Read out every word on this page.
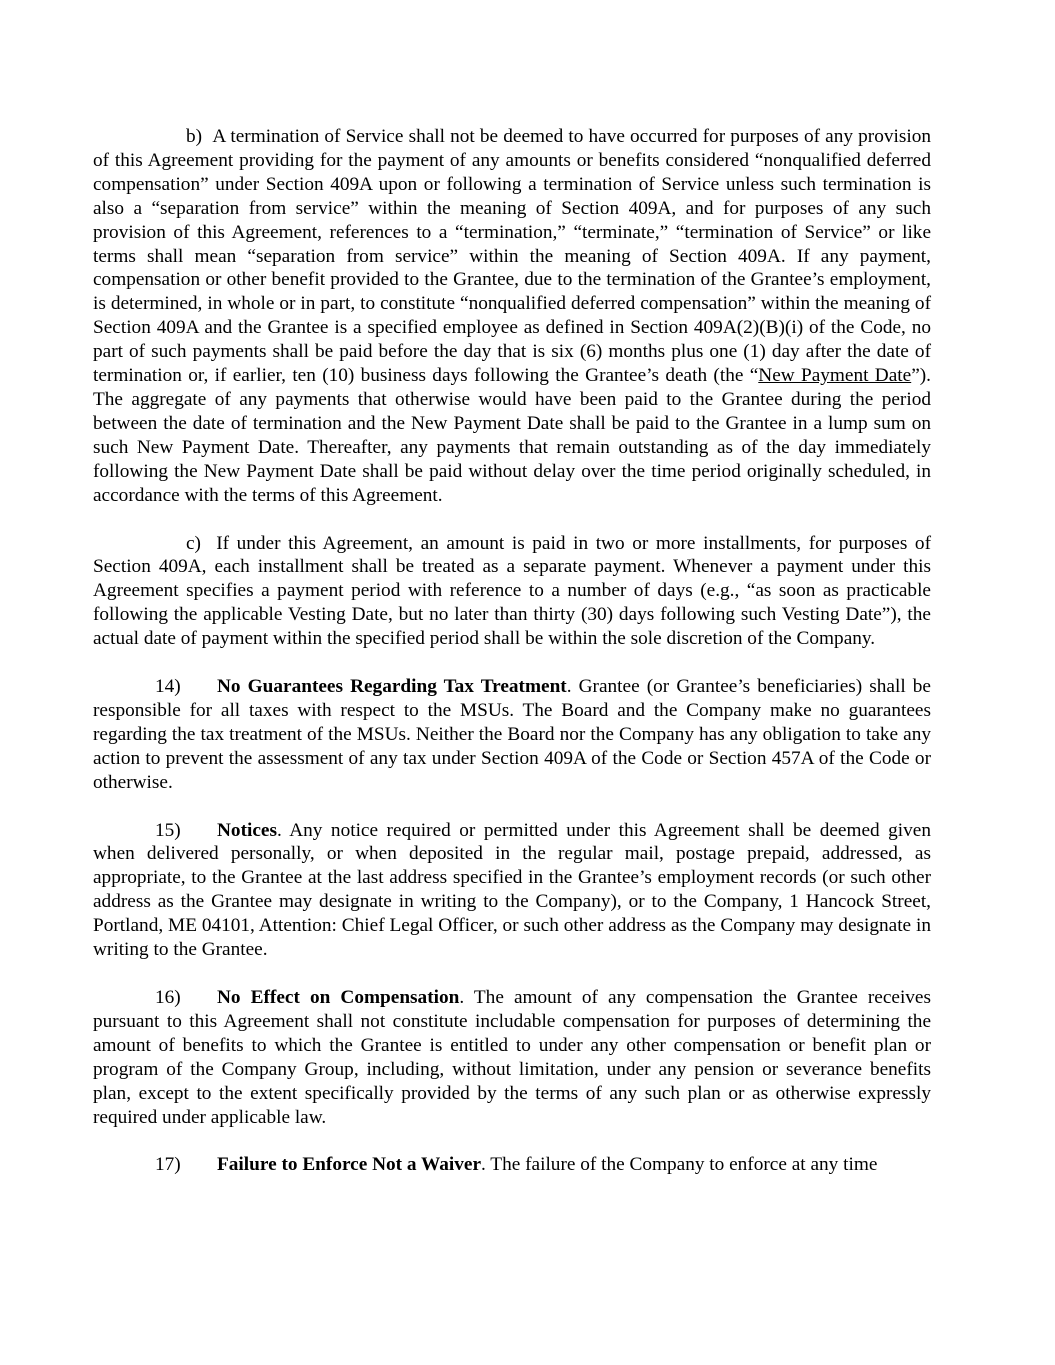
b) A termination of Service shall not be deemed to have occurred for purposes of any provision of this Agreement providing for the payment of any amounts or benefits considered “nonqualified deferred compensation” under Section 409A upon or following a termination of Service unless such termination is also a “separation from service” within the meaning of Section 409A, and for purposes of any such provision of this Agreement, references to a “termination,” “terminate,” “termination of Service” or like terms shall mean “separation from service” within the meaning of Section 409A. If any payment, compensation or other benefit provided to the Grantee, due to the termination of the Grantee’s employment, is determined, in whole or in part, to constitute “nonqualified deferred compensation” within the meaning of Section 409A and the Grantee is a specified employee as defined in Section 409A(2)(B)(i) of the Code, no part of such payments shall be paid before the day that is six (6) months plus one (1) day after the date of termination or, if earlier, ten (10) business days following the Grantee’s death (the “New Payment Date”). The aggregate of any payments that otherwise would have been paid to the Grantee during the period between the date of termination and the New Payment Date shall be paid to the Grantee in a lump sum on such New Payment Date. Thereafter, any payments that remain outstanding as of the day immediately following the New Payment Date shall be paid without delay over the time period originally scheduled, in accordance with the terms of this Agreement.

c) If under this Agreement, an amount is paid in two or more installments, for purposes of Section 409A, each installment shall be treated as a separate payment. Whenever a payment under this Agreement specifies a payment period with reference to a number of days (e.g., “as soon as practicable following the applicable Vesting Date, but no later than thirty (30) days following such Vesting Date”), the actual date of payment within the specified period shall be within the sole discretion of the Company.

14) No Guarantees Regarding Tax Treatment. Grantee (or Grantee’s beneficiaries) shall be responsible for all taxes with respect to the MSUs. The Board and the Company make no guarantees regarding the tax treatment of the MSUs. Neither the Board nor the Company has any obligation to take any action to prevent the assessment of any tax under Section 409A of the Code or Section 457A of the Code or otherwise.

15) Notices. Any notice required or permitted under this Agreement shall be deemed given when delivered personally, or when deposited in the regular mail, postage prepaid, addressed, as appropriate, to the Grantee at the last address specified in the Grantee’s employment records (or such other address as the Grantee may designate in writing to the Company), or to the Company, 1 Hancock Street, Portland, ME 04101, Attention: Chief Legal Officer, or such other address as the Company may designate in writing to the Grantee.

16) No Effect on Compensation. The amount of any compensation the Grantee receives pursuant to this Agreement shall not constitute includable compensation for purposes of determining the amount of benefits to which the Grantee is entitled to under any other compensation or benefit plan or program of the Company Group, including, without limitation, under any pension or severance benefits plan, except to the extent specifically provided by the terms of any such plan or as otherwise expressly required under applicable law.

17) Failure to Enforce Not a Waiver. The failure of the Company to enforce at any time
